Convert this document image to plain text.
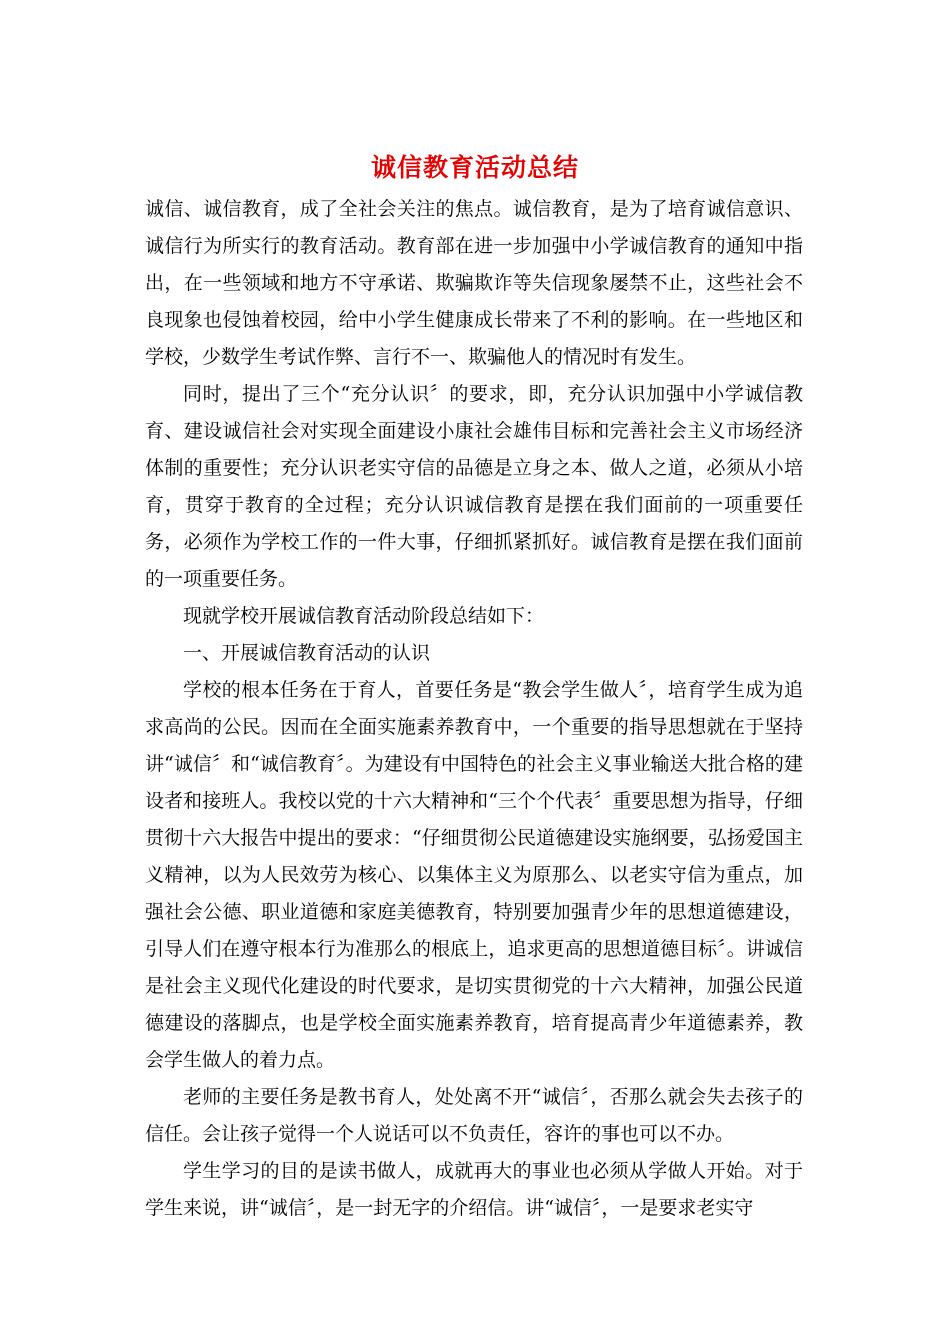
诚信教育活动总结

诚信、诚信教育，成了全社会关注的焦点。诚信教育，是为了培育诚信意识、诚信行为所实行的教育活动。教育部在进一步加强中小学诚信教育的通知中指出，在一些领域和地方不守承诺、欺骗欺诈等失信现象屡禁不止，这些社会不良现象也侵蚀着校园，给中小学生健康成长带来了不利的影响。在一些地区和学校，少数学生考试作弊、言行不一、欺骗他人的情况时有发生。

同时，提出了三个“充分认识〞的要求，即，充分认识加强中小学诚信教育、建设诚信社会对实现全面建设小康社会雄伟目标和完善社会主义市场经济体制的重要性；充分认识老实守信的品德是立身之本、做人之道，必须从小培育，贯穿于教育的全过程；充分认识诚信教育是摆在我们面前的一项重要任务，必须作为学校工作的一件大事，仔细抓紧抓好。诚信教育是摆在我们面前的一项重要任务。

现就学校开展诚信教育活动阶段总结如下：

一、开展诚信教育活动的认识

学校的根本任务在于育人，首要任务是“教会学生做人〞，培育学生成为追求高尚的公民。因而在全面实施素养教育中，一个重要的指导思想就在于坚持讲“诚信〞和“诚信教育〞。为建设有中国特色的社会主义事业输送大批合格的建设者和接班人。我校以党的十六大精神和“三个个代表〞重要思想为指导，仔细贯彻十六大报告中提出的要求：“仔细贯彻公民道德建设实施纲要，弘扬爱国主义精神，以为人民效劳为核心、以集体主义为原那么、以老实守信为重点，加强社会公德、职业道德和家庭美德教育，特别要加强青少年的思想道德建设，引导人们在遵守根本行为准那么的根底上，追求更高的思想道德目标〞。讲诚信是社会主义现代化建设的时代要求，是切实贯彻党的十六大精神，加强公民道德建设的落脚点，也是学校全面实施素养教育，培育提高青少年道德素养，教会学生做人的着力点。

老师的主要任务是教书育人，处处离不开“诚信〞，否那么就会失去孩子的信任。会让孩子觉得一个人说话可以不负责任，容许的事也可以不办。

学生学习的目的是读书做人，成就再大的事业也必须从学做人开始。对于学生来说，讲“诚信〞，是一封无字的介绍信。讲“诚信〞，一是要求老实守
